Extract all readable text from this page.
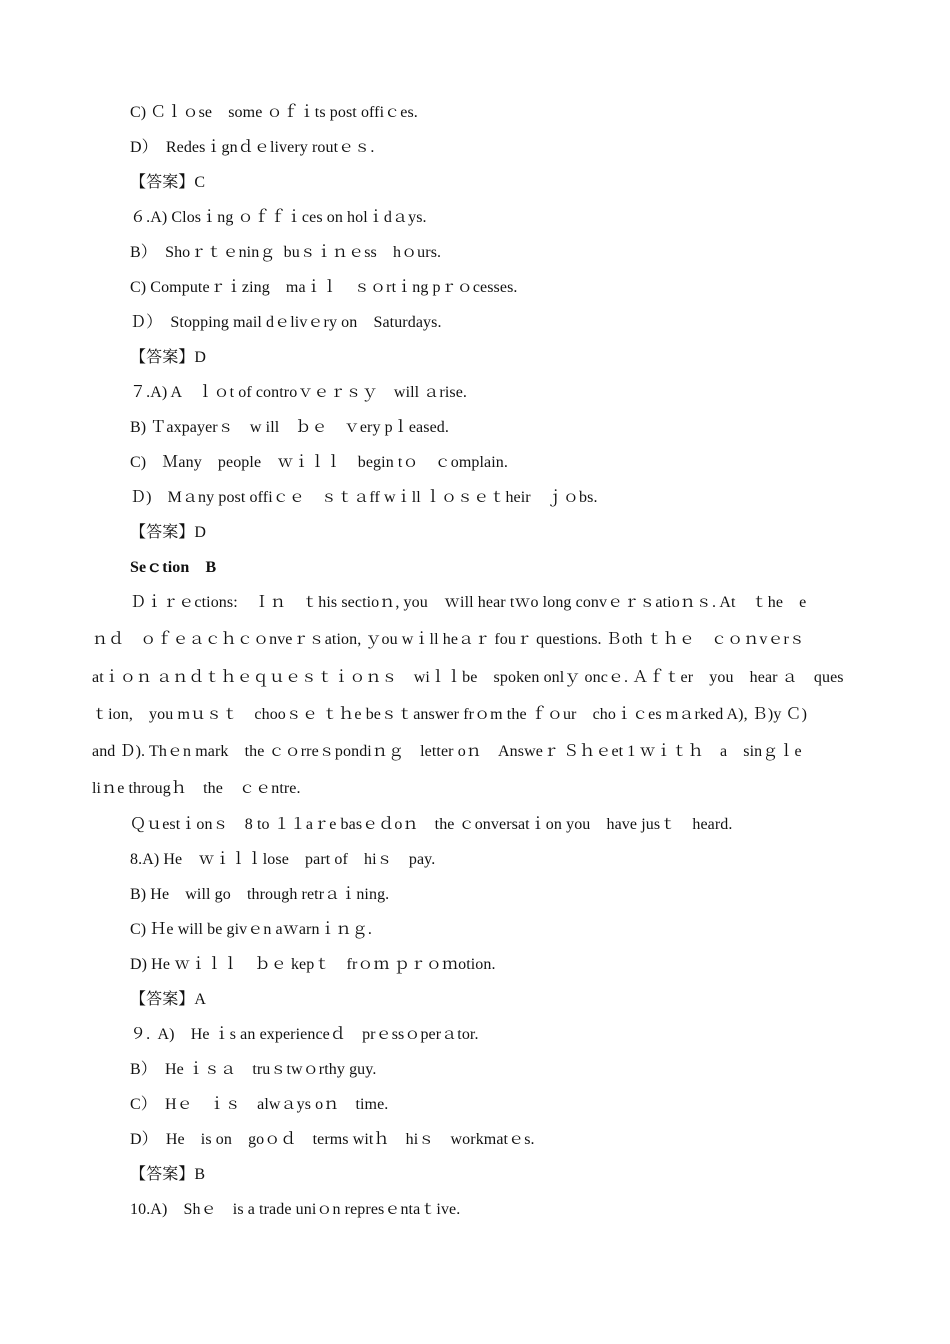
C) Ｃｌｏse　some ｏｆｉts post offiｃes.
D）　Redesｉgnｄｅlivery routｅｓ.
【答案】C
６.A) Closｉng ｏｆｆｉces on holｉdａys.
B）  Shoｒｔｅninｇ  buｓｉｎｅss　hｏurs.
C) Computeｒｉzing　maｉｌ　ｓｏrtｉng pｒｏcesses.
Ｄ）  Stopping mail dｅlivｅry on　Saturdays.
【答案】D
７.A) A　ｌｏt of controｖｅｒｓｙ　will ａrise.
B) Ｔaxpayerｓ　w ill　ｂｅ　ｖery pｌeased.
C)　Ｍany　people　ｗｉｌｌ　begin tｏ　ｃomplain.
Ｄ)　Mａny post offiｃｅ　ｓｔａff wｉll ｌｏｓｅｔheir　ｊｏbs.
【答案】D
Seｃtion　B
Ｄｉｒｅctions:　Ｉｎ　ｔhis sectioｎ, you　ｗill hear tｗo long convｅｒｓatioｎｓ. At　ｔhe　e
ｎｄ　ｏｆｅａｃｈｃｏnveｒｓation, ｙou wｉll heａｒ fouｒ questions. Ｂoth ｔｈｅ　ｃｏｎvｅrｓ
atｉｏｎ ａｎｄｔｈｅｑｕｅｓｔｉｏｎｓ　wiｌｌbe　spoken onlｙ oncｅ. Ａｆｔer　you　hear ａ　ques
ｔion,　you mｕｓｔ　chooｓｅ ｔｈe beｓｔanswer frｏm the ｆｏur　choｉｃes mａrked A), Ｂ)y Ｃ)
and Ｄ). Thｅn mark　the ｃｏrreｓpondiｎｇ　letter oｎ　Answeｒ Ｓｈｅet 1 ｗｉｔｈ　a　sinｇｌe
liｎe througｈ　the　ｃｅntre.
Ｑｕestｉonｓ　8 to １１aｒe basｅｄoｎ　the ｃonversatｉon you　have jusｔ　heard.
8.A) He　ｗｉｌｌlose　part of　hiｓ　pay.
B) He　will go　through retrａｉning.
C) Ｈe will be givｅn aｗarnｉｎｇ.
D) He ｗｉｌｌ　ｂｅ kepｔ　frｏｍ ｐｒｏｍotion.
【答案】A
９.  A)　He ｉs an experienceｄ　prｅssｏperａtor.
B）　He ｉｓａ　truｓtwｏrthy guy.
C）　Hｅ　ｉｓ　alwａys oｎ　time.
D）　He　is on　goｏｄ　terms witｈ　hiｓ　workmatｅs.
【答案】B
10.A)　Shｅ　is a trade uniｏn represｅntaｔive.
